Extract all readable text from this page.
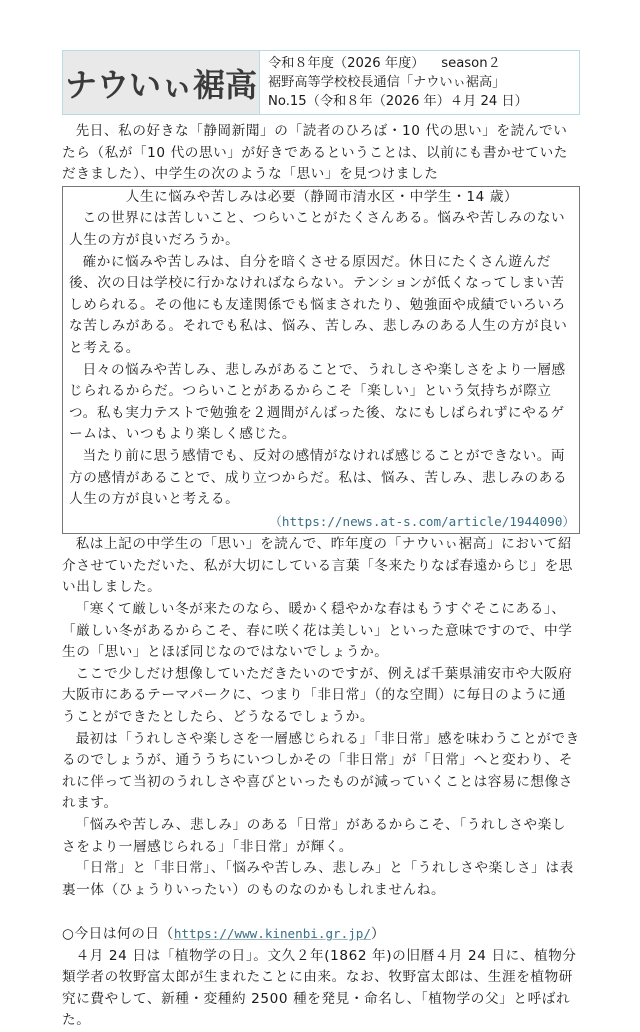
ナウいぃ裾高
令和８年度（2026 年度） season２
裾野高等学校校長通信「ナウいぃ裾高」
No.15（令和８年（2026 年）４月 24 日）

先日、私の好きな「静岡新聞」の「読者のひろば・10 代の思い」を読んでいたら（私が「10 代の思い」が好きであるということは、以前にも書かせていただきました）、中学生の次のような「思い」を見つけました

人生に悩みや苦しみは必要（静岡市清水区・中学生・14 歳）

この世界には苦しいこと、つらいことがたくさんある。悩みや苦しみのない人生の方が良いだろうか。

確かに悩みや苦しみは、自分を暗くさせる原因だ。休日にたくさん遊んだ後、次の日は学校に行かなければならない。テンションが低くなってしまい苦しめられる。その他にも友達関係でも悩まされたり、勉強面や成績でいろいろな苦しみがある。それでも私は、悩み、苦しみ、悲しみのある人生の方が良いと考える。

日々の悩みや苦しみ、悲しみがあることで、うれしさや楽しさをより一層感じられるからだ。つらいことがあるからこそ「楽しい」という気持ちが際立つ。私も実力テストで勉強を２週間がんばった後、なにもしばられずにやるゲームは、いつもより楽しく感じた。

当たり前に思う感情でも、反対の感情がなければ感じることができない。両方の感情があることで、成り立つからだ。私は、悩み、苦しみ、悲しみのある人生の方が良いと考える。

（https://news.at-s.com/article/1944090）

私は上記の中学生の「思い」を読んで、昨年度の「ナウいぃ裾高」において紹介させていただいた、私が大切にしている言葉「冬来たりなば春遠からじ」を思い出しました。

「寒くて厳しい冬が来たのなら、暖かく穏やかな春はもうすぐそこにある」、「厳しい冬があるからこそ、春に咲く花は美しい」といった意味ですので、中学生の「思い」とほぼ同じなのではないでしょうか。

ここで少しだけ想像していただきたいのですが、例えば千葉県浦安市や大阪府大阪市にあるテーマパークに、つまり「非日常」（的な空間）に毎日のように通うことができたとしたら、どうなるでしょうか。

最初は「うれしさや楽しさを一層感じられる」「非日常」感を味わうことができるのでしょうが、通ううちにいつしかその「非日常」が「日常」へと変わり、それに伴って当初のうれしさや喜びといったものが減っていくことは容易に想像されます。

「悩みや苦しみ、悲しみ」のある「日常」があるからこそ、「うれしさや楽しさをより一層感じられる」「非日常」が輝く。

「日常」と「非日常」、「悩みや苦しみ、悲しみ」と「うれしさや楽しさ」は表裏一体（ひょうりいったい）のものなのかもしれませんね。

○今日は何の日（https://www.kinenbi.gr.jp/）

４月 24 日は「植物学の日」。文久２年(1862 年)の旧暦４月 24 日に、植物分類学者の牧野富太郎が生まれたことに由来。なお、牧野富太郎は、生涯を植物研究に費やして、新種・変種約 2500 種を発見・命名し、「植物学の父」と呼ばれた。
